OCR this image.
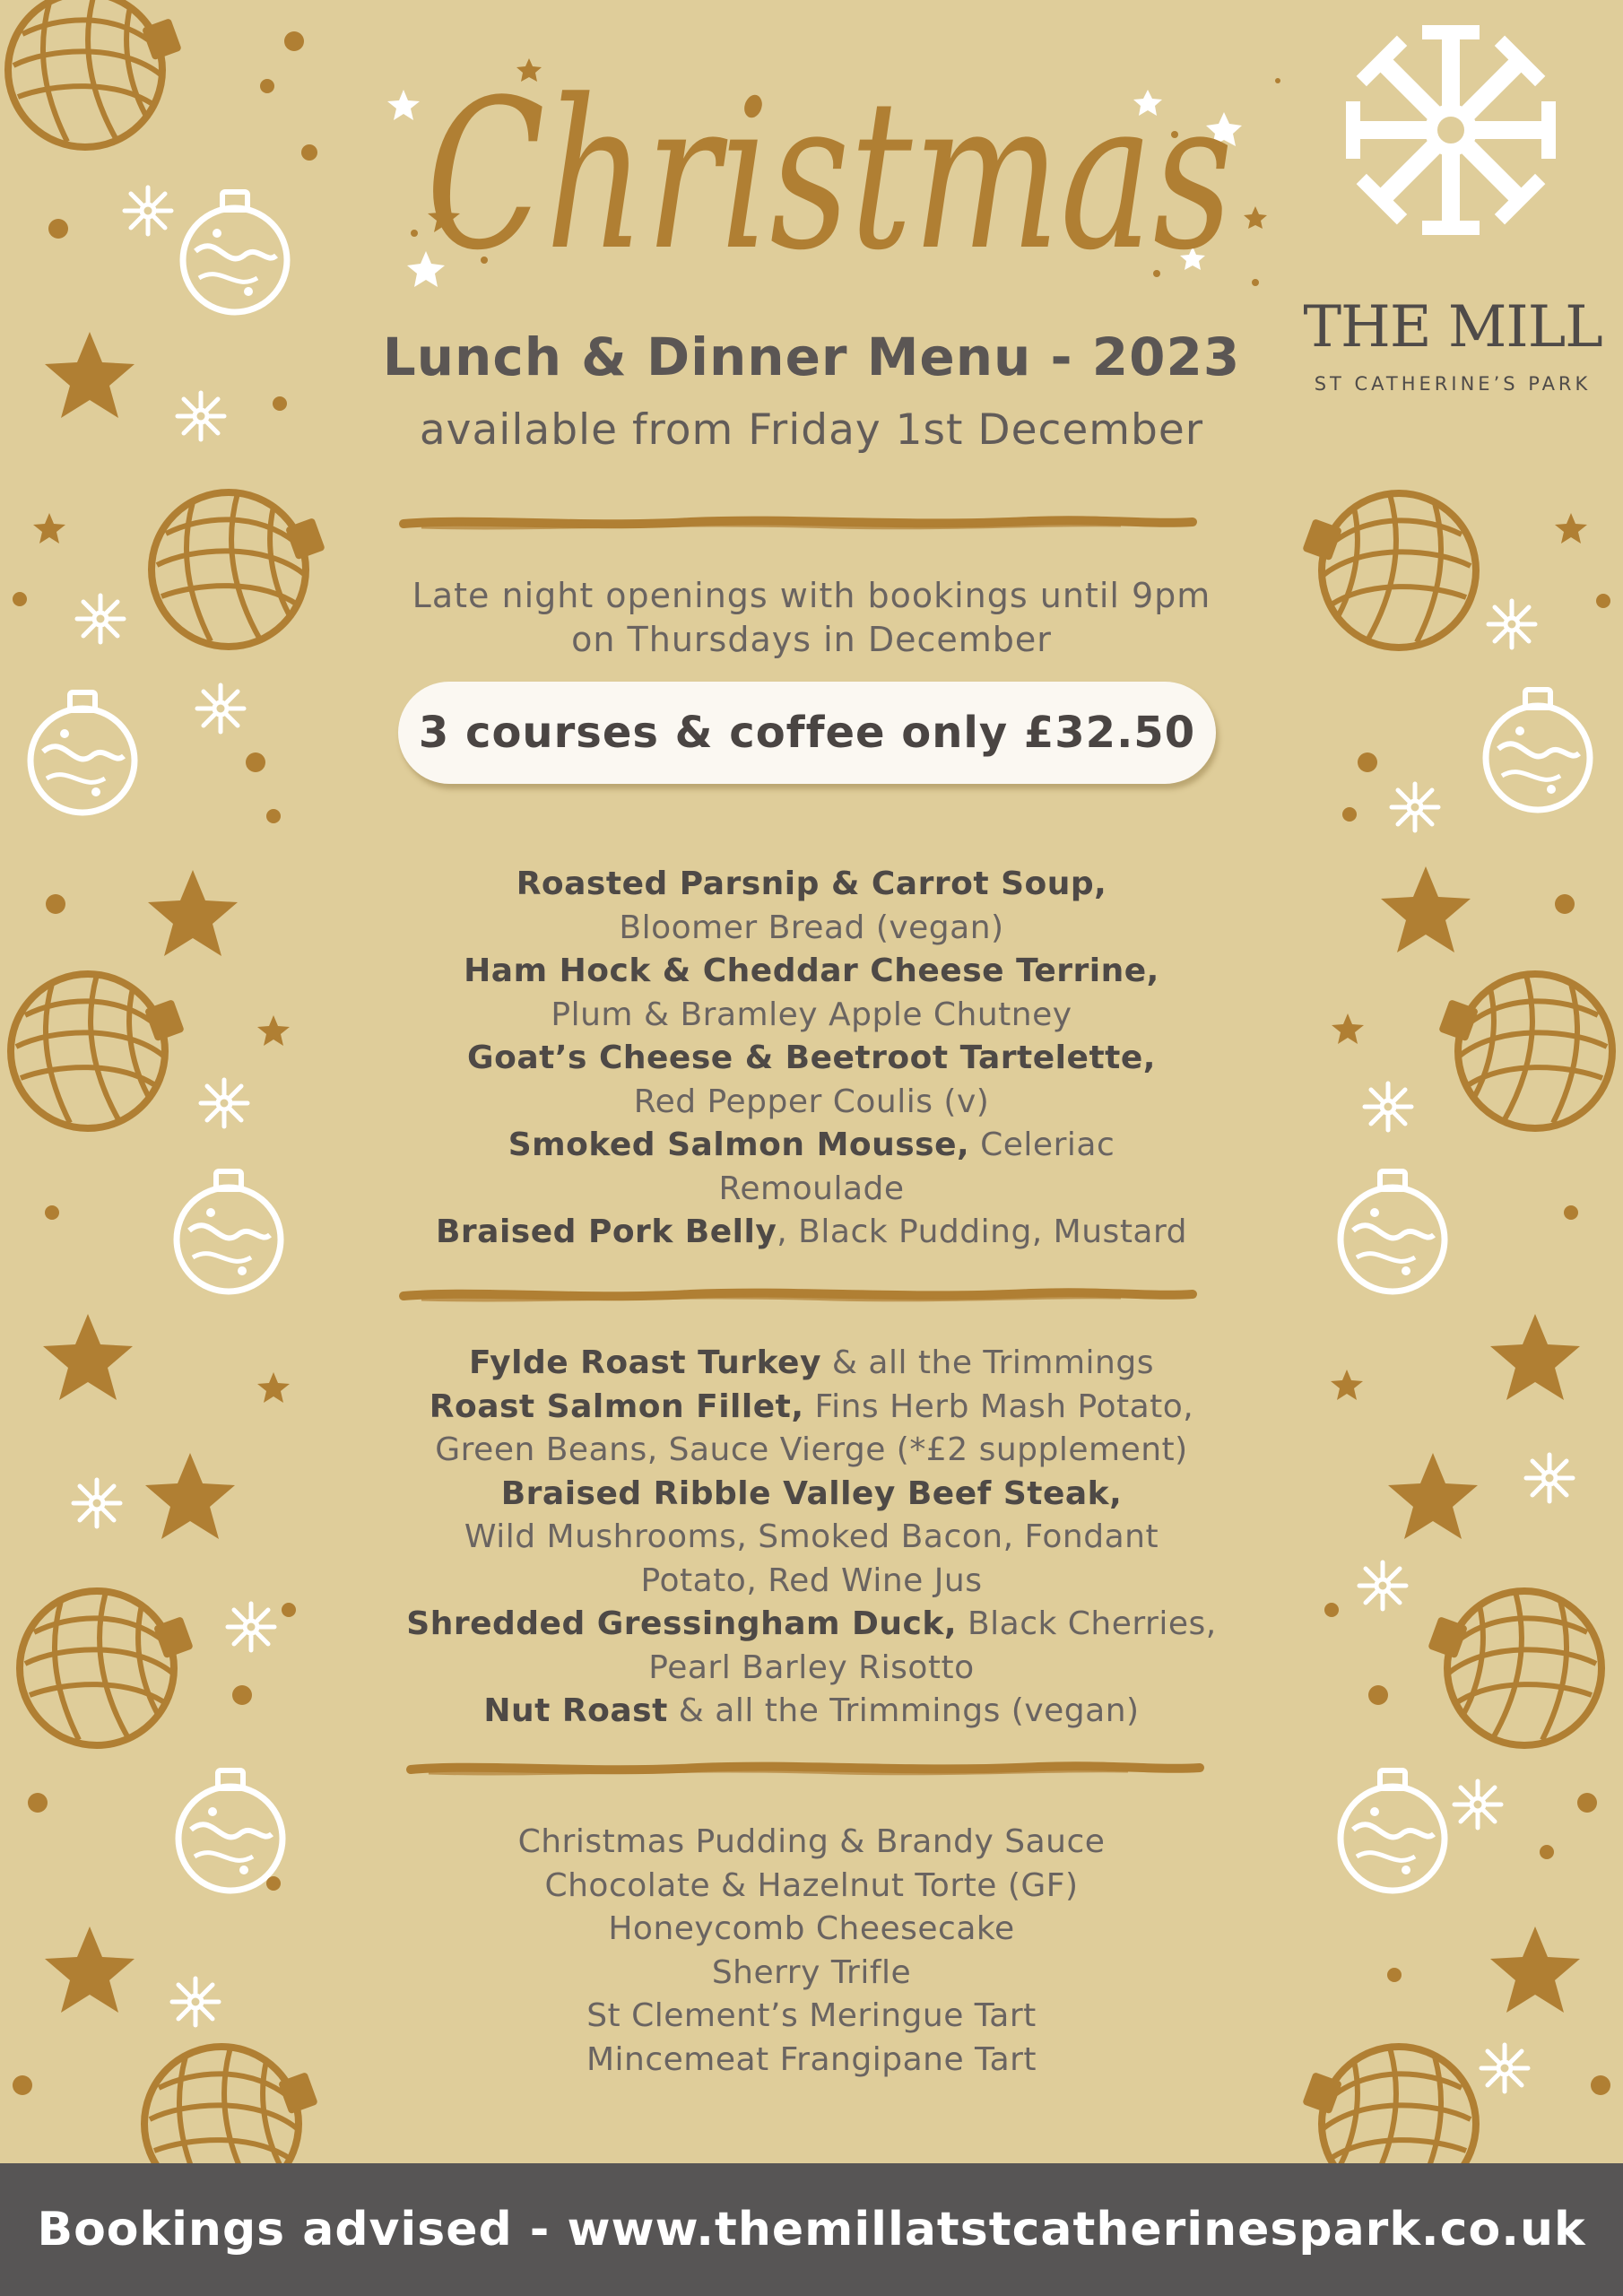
Christmas
THE MILL
ST CATHERINE’S PARK
Lunch & Dinner Menu - 2023
available from Friday 1st December
Late night openings with bookings until 9pm
on Thursdays in December
3 courses & coffee only £32.50
Roasted Parsnip & Carrot Soup,
Bloomer Bread (vegan)
Ham Hock & Cheddar Cheese Terrine,
Plum & Bramley Apple Chutney
Goat’s Cheese & Beetroot Tartelette,
Red Pepper Coulis (v)
Smoked Salmon Mousse, Celeriac
Remoulade
Braised Pork Belly, Black Pudding, Mustard
Fylde Roast Turkey & all the Trimmings
Roast Salmon Fillet, Fins Herb Mash Potato,
Green Beans, Sauce Vierge (*£2 supplement)
Braised Ribble Valley Beef Steak,
Wild Mushrooms, Smoked Bacon, Fondant
Potato, Red Wine Jus
Shredded Gressingham Duck, Black Cherries,
Pearl Barley Risotto
Nut Roast & all the Trimmings (vegan)
Christmas Pudding & Brandy Sauce
Chocolate & Hazelnut Torte (GF)
Honeycomb Cheesecake
Sherry Trifle
St Clement’s Meringue Tart
Mincemeat Frangipane Tart
Bookings advised - www.themillatstcatherinespark.co.uk
